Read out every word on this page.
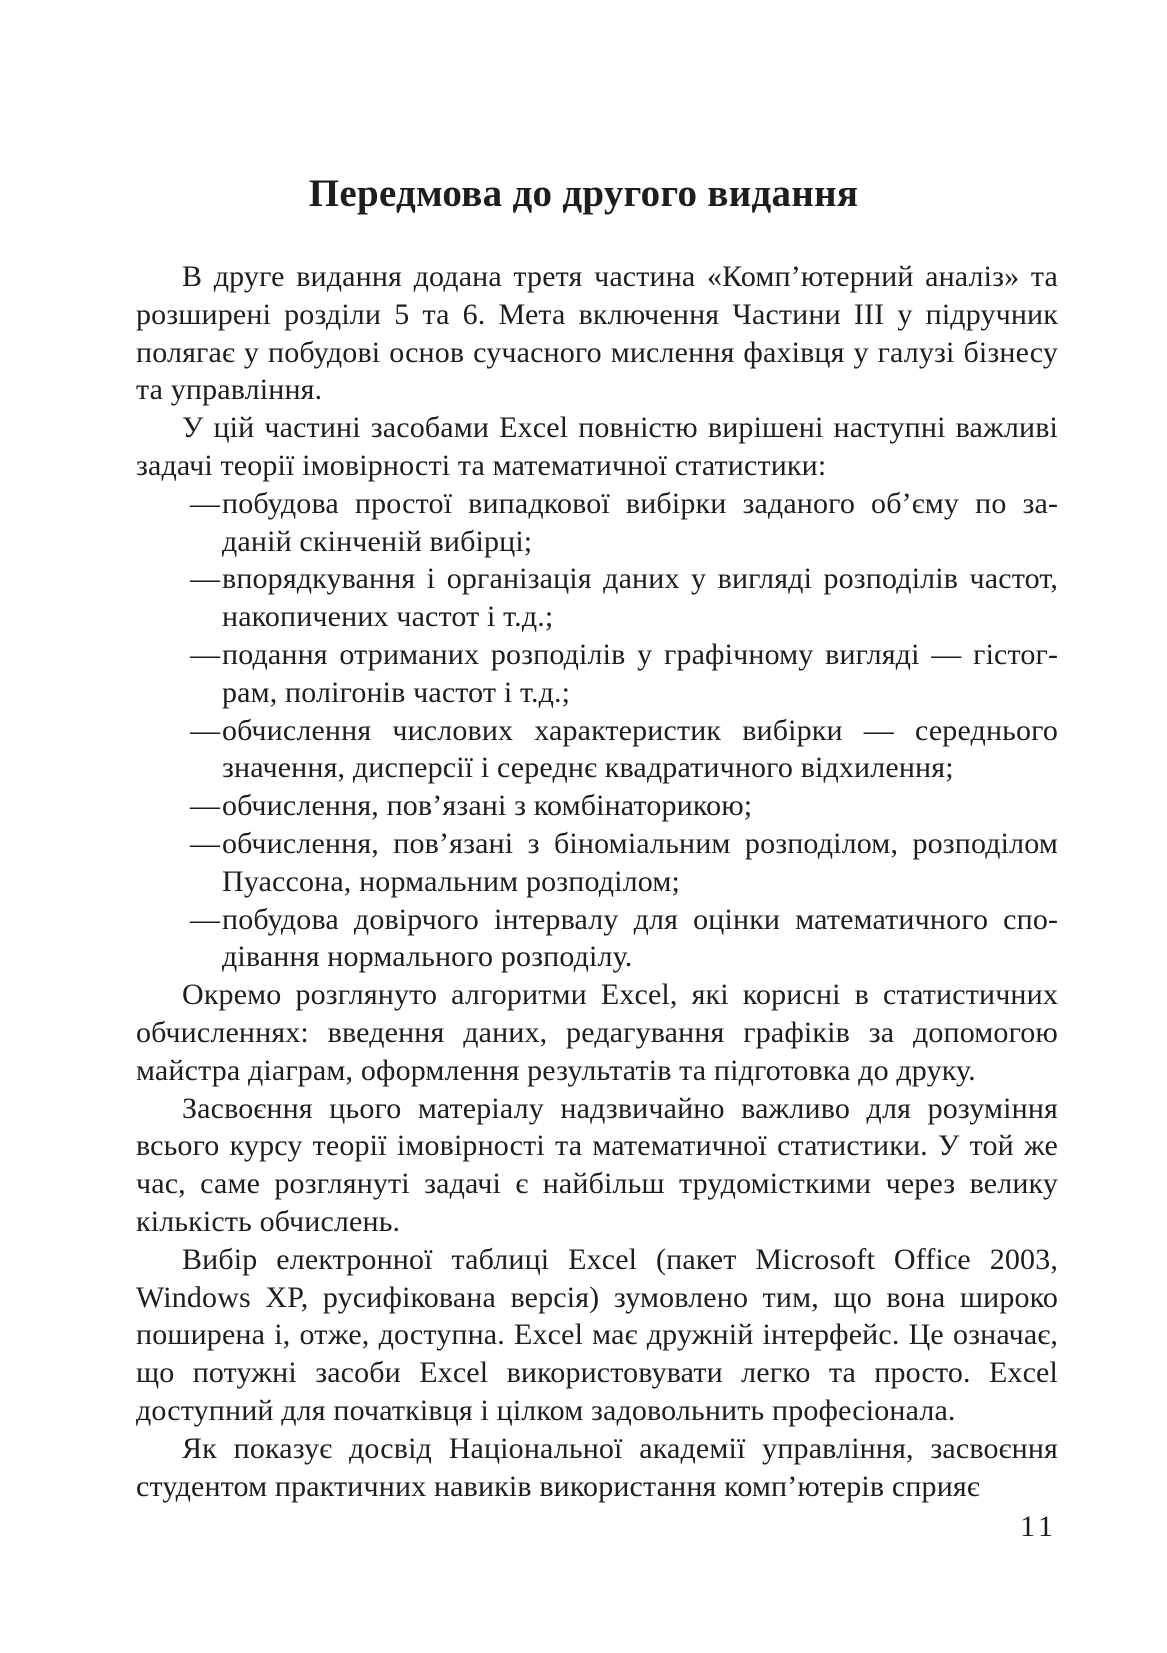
Передмова до другого видання

В друге видання додана третя частина «Комп’ютерний аналіз» та розширені розділи 5 та 6. Мета включення Частини III у підручник полягає у побудові основ сучасного мислення фахівця у галузі бізнесу та управління.

У цій частині засобами Excel повністю вирішені наступні важливі задачі теорії імовірності та математичної статистики:

—побудова простої випадкової вибірки заданого об’єму по заданій скінченій вибірці;
—впорядкування і організація даних у вигляді розподілів частот, накопичених частот і т.д.;
—подання отриманих розподілів у графічному вигляді — гістограм, полігонів частот і т.д.;
—обчислення числових характеристик вибірки — середнього значення, дисперсії і середнє квадратичного відхилення;
—обчислення, пов’язані з комбінаторикою;
—обчислення, пов’язані з біноміальним розподілом, розподілом Пуассона, нормальним розподілом;
—побудова довірчого інтервалу для оцінки математичного сподівання нормального розподілу.

Окремо розглянуто алгоритми Excel, які корисні в статистичних обчисленнях: введення даних, редагування графіків за допомогою майстра діаграм, оформлення результатів та підготовка до друку.

Засвоєння цього матеріалу надзвичайно важливо для розуміння всього курсу теорії імовірності та математичної статистики. У той же час, саме розглянуті задачі є найбільш трудомісткими через велику кількість обчислень.

Вибір електронної таблиці Excel (пакет Microsoft Office 2003, Windows XP, русифікована версія) зумовлено тим, що вона широко поширена і, отже, доступна. Excel має дружній інтерфейс. Це означає, що потужні засоби Excel використовувати легко та просто. Excel доступний для початківця і цілком задовольнить професіонала.

Як показує досвід Національної академії управління, засвоєння студентом практичних навиків використання комп’ютерів сприяє

11
